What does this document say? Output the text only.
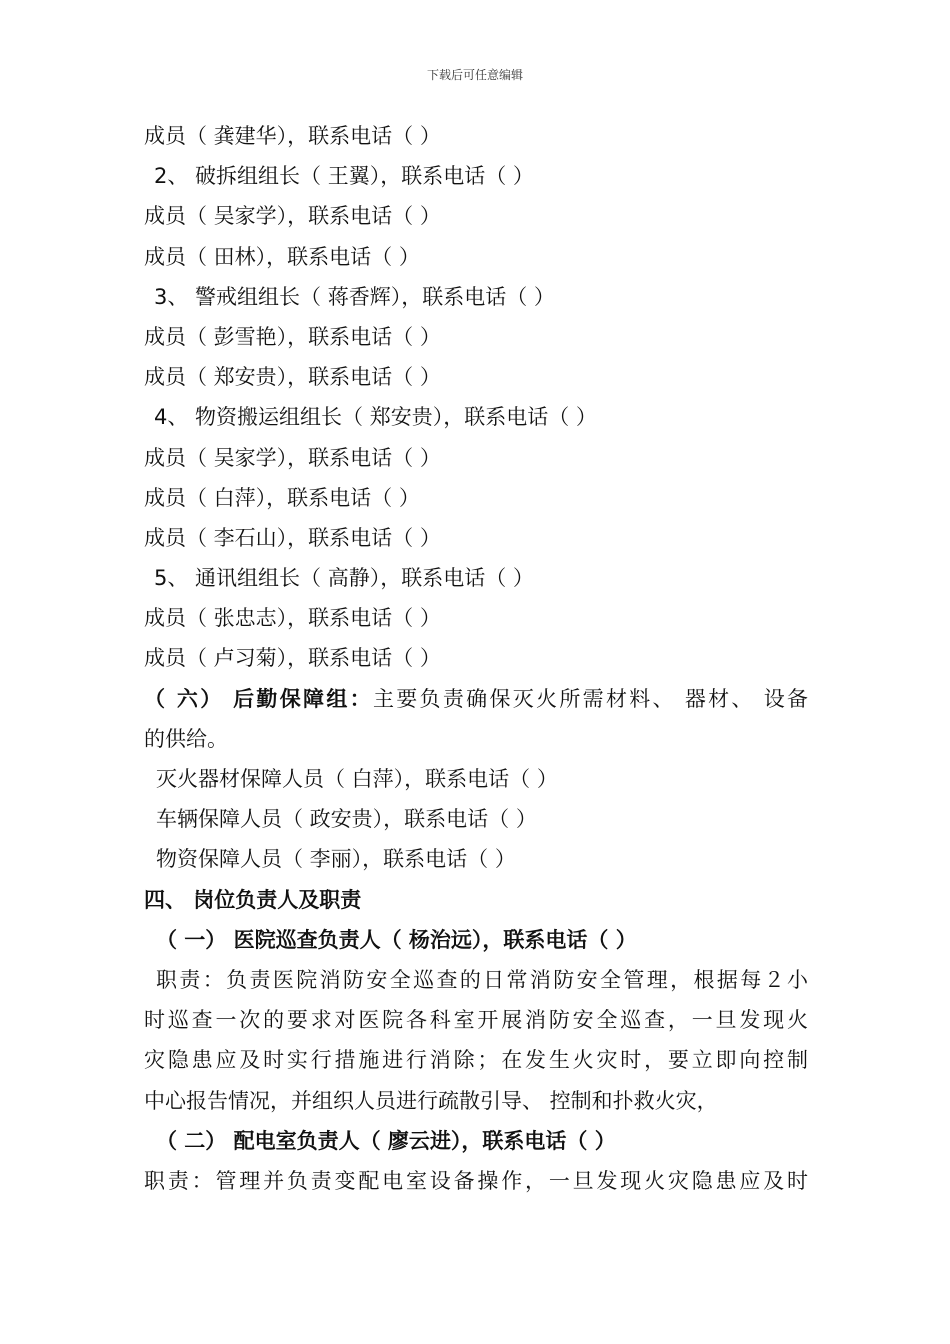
下载后可任意编辑
成员（ 龚建华），联系电话（ ）
2、 破拆组组长（ 王翼），联系电话（ ）
成员（ 吴家学），联系电话（ ）
成员（ 田林），联系电话（ ）
3、 警戒组组长（ 蒋香辉），联系电话（ ）
成员（ 彭雪艳），联系电话（ ）
成员（ 郑安贵），联系电话（ ）
4、 物资搬运组组长（ 郑安贵），联系电话（ ）
成员（ 吴家学），联系电话（ ）
成员（ 白萍），联系电话（ ）
成员（ 李石山），联系电话（ ）
5、 通讯组组长（ 高静），联系电话（ ）
成员（ 张忠志），联系电话（ ）
成员（ 卢习菊），联系电话（ ）
（ 六） 后勤保障组：主要负责确保灭火所需材料、 器材、 设备
的供给。
灭火器材保障人员（ 白萍），联系电话（ ）
车辆保障人员（ 政安贵），联系电话（ ）
物资保障人员（ 李丽），联系电话（ ）
四、 岗位负责人及职责
（ 一） 医院巡查负责人（ 杨治远），联系电话（ ）
职责：负责医院消防安全巡查的日常消防安全管理，根据每２小
时巡查一次的要求对医院各科室开展消防安全巡查，一旦发现火
灾隐患应及时实行措施进行消除；在发生火灾时，要立即向控制
中心报告情况，并组织人员进行疏散引导、 控制和扑救火灾，
（ 二） 配电室负责人（ 廖云进），联系电话（ ）
职责：管理并负责变配电室设备操作，一旦发现火灾隐患应及时
